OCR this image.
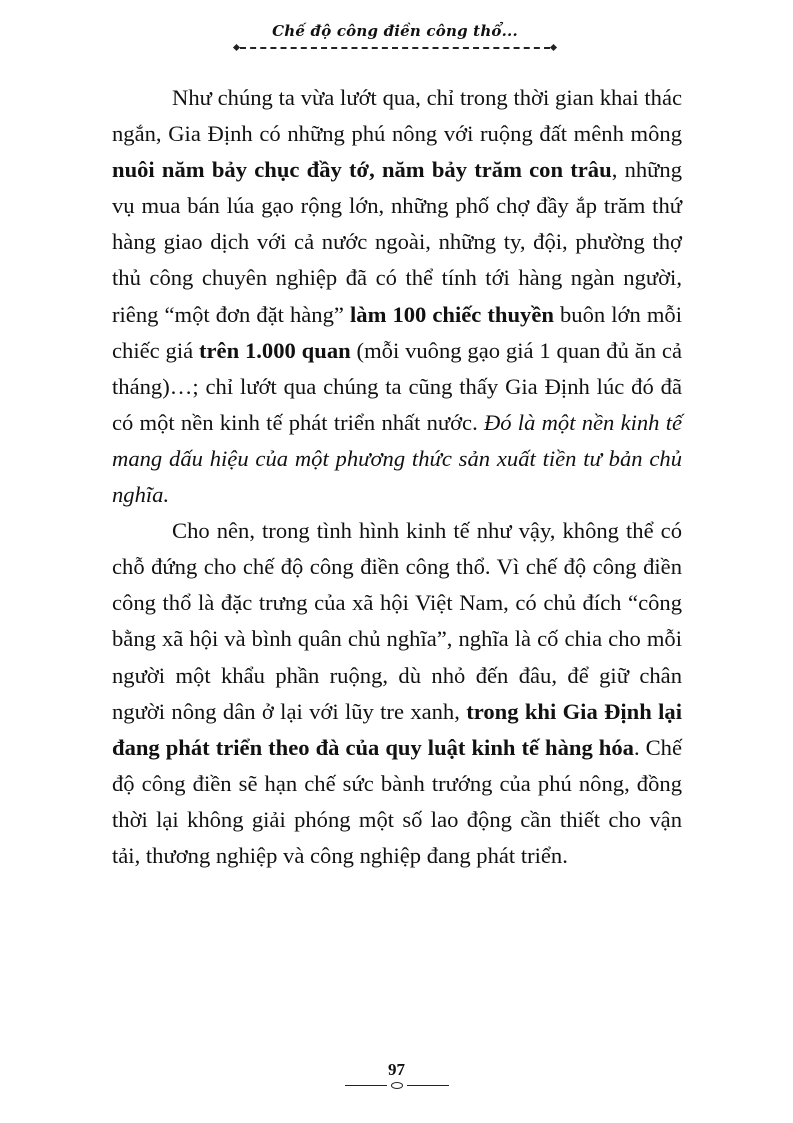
Chế độ công điền công thổ...

Như chúng ta vừa lướt qua, chỉ trong thời gian khai thác ngắn, Gia Định có những phú nông với ruộng đất mênh mông nuôi năm bảy chục đầy tớ, năm bảy trăm con trâu, những vụ mua bán lúa gạo rộng lớn, những phố chợ đầy ắp trăm thứ hàng giao dịch với cả nước ngoài, những ty, đội, phường thợ thủ công chuyên nghiệp đã có thể tính tới hàng ngàn người, riêng “một đơn đặt hàng” làm 100 chiếc thuyền buôn lớn mỗi chiếc giá trên 1.000 quan (mỗi vuông gạo giá 1 quan đủ ăn cả tháng)…; chỉ lướt qua chúng ta cũng thấy Gia Định lúc đó đã có một nền kinh tế phát triển nhất nước. Đó là một nền kinh tế mang dấu hiệu của một phương thức sản xuất tiền tư bản chủ nghĩa.

Cho nên, trong tình hình kinh tế như vậy, không thể có chỗ đứng cho chế độ công điền công thổ. Vì chế độ công điền công thổ là đặc trưng của xã hội Việt Nam, có chủ đích “công bằng xã hội và bình quân chủ nghĩa”, nghĩa là cố chia cho mỗi người một khẩu phần ruộng, dù nhỏ đến đâu, để giữ chân người nông dân ở lại với lũy tre xanh, trong khi Gia Định lại đang phát triển theo đà của quy luật kinh tế hàng hóa. Chế độ công điền sẽ hạn chế sức bành trướng của phú nông, đồng thời lại không giải phóng một số lao động cần thiết cho vận tải, thương nghiệp và công nghiệp đang phát triển.

97
